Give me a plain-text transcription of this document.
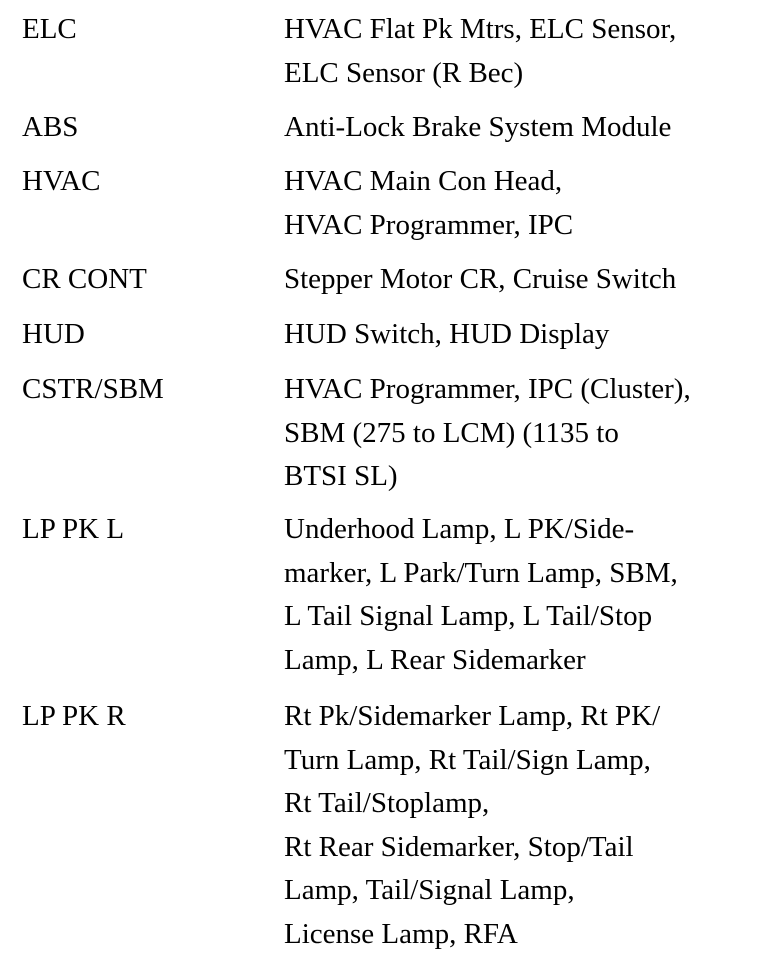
ELC	HVAC Flat Pk Mtrs, ELC Sensor,
ELC Sensor (R Bec)
ABS	Anti-Lock Brake System Module
HVAC	HVAC Main Con Head,
HVAC Programmer, IPC
CR CONT	Stepper Motor CR, Cruise Switch
HUD	HUD Switch, HUD Display
CSTR/SBM	HVAC Programmer, IPC (Cluster),
SBM (275 to LCM) (1135 to
BTSI SL)
LP PK L	Underhood Lamp, L PK/Side-
marker, L Park/Turn Lamp, SBM,
L Tail Signal Lamp, L Tail/Stop
Lamp, L Rear Sidemarker
LP PK R	Rt Pk/Sidemarker Lamp, Rt PK/
Turn Lamp, Rt Tail/Sign Lamp,
Rt Tail/Stoplamp,
Rt Rear Sidemarker, Stop/Tail
Lamp, Tail/Signal Lamp,
License Lamp, RFA
